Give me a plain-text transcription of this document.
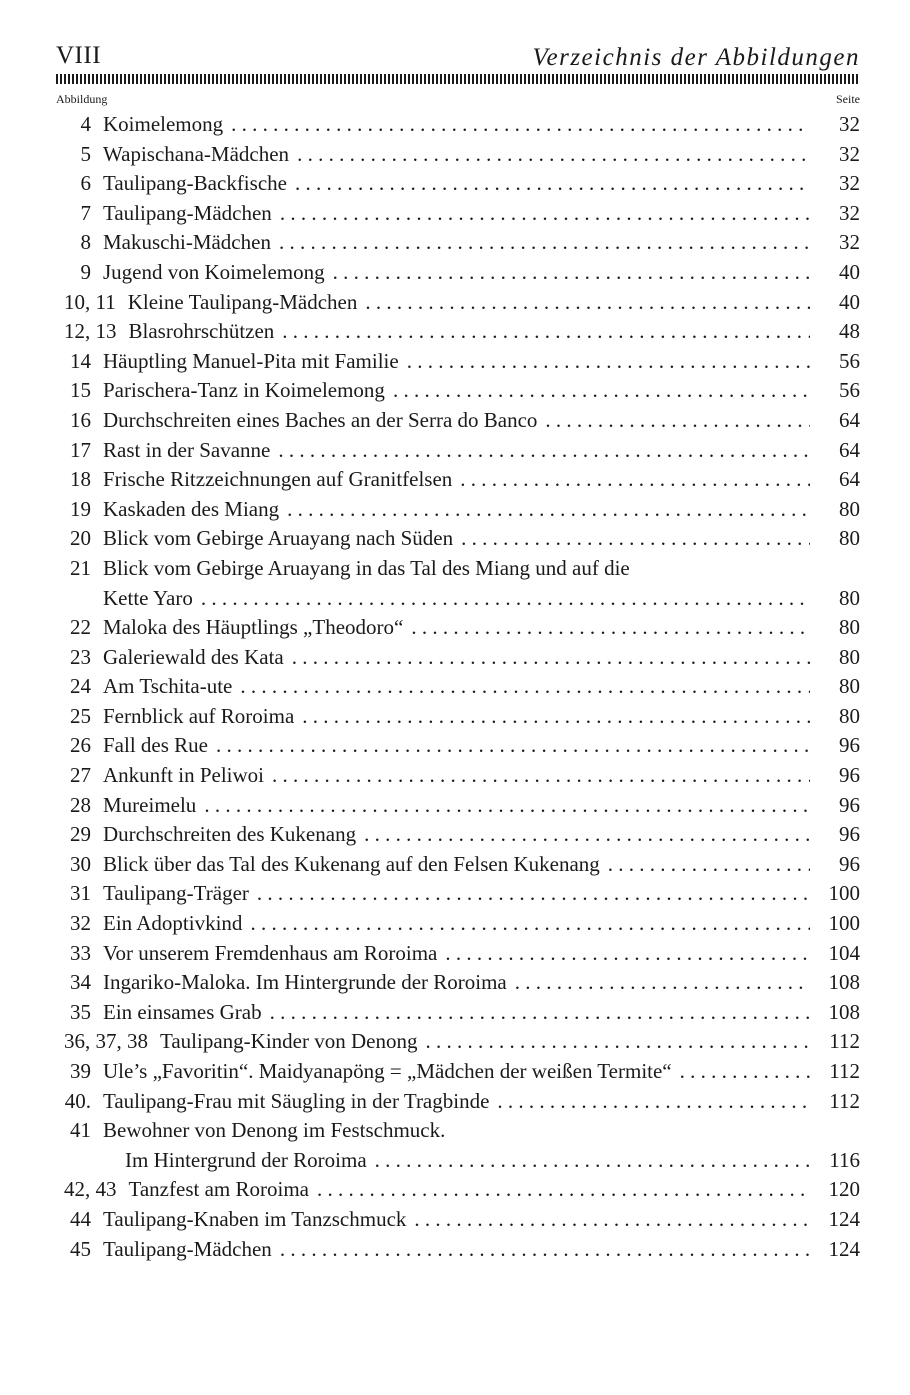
VIII	Verzeichnis der Abbildungen
Abbildung	Seite
4 Koimelemong . . .	32
5 Wapischana-Mädchen . . .	32
6 Taulipang-Backfische . . .	32
7 Taulipang-Mädchen . . .	32
8 Makuschi-Mädchen . . .	32
9 Jugend von Koimelemong . . .	40
10, 11 Kleine Taulipang-Mädchen . . .	40
12, 13 Blasrohrschützen . . .	48
14 Häuptling Manuel-Pita mit Familie . . .	56
15 Parischera-Tanz in Koimelemong . . .	56
16 Durchschreiten eines Baches an der Serra do Banco . . .	64
17 Rast in der Savanne . . .	64
18 Frische Ritzzeichnungen auf Granitfelsen . . .	64
19 Kaskaden des Miang . . .	80
20 Blick vom Gebirge Aruayang nach Süden . . .	80
21 Blick vom Gebirge Aruayang in das Tal des Miang und auf die
Kette Yaro . . .	80
22 Maloka des Häuptlings „Theodoro“ . . .	80
23 Galeriewald des Kata . . .	80
24 Am Tschita-ute . . .	80
25 Fernblick auf Roroima . . .	80
26 Fall des Rue . . .	96
27 Ankunft in Peliwoi . . .	96
28 Mureimelu . . .	96
29 Durchschreiten des Kukenang . . .	96
30 Blick über das Tal des Kukenang auf den Felsen Kukenang . . .	96
31 Taulipang-Träger . . .	100
32 Ein Adoptivkind . . .	100
33 Vor unserem Fremdenhaus am Roroima . . .	104
34 Ingariko-Maloka. Im Hintergrunde der Roroima . . .	108
35 Ein einsames Grab . . .	108
36, 37, 38 Taulipang-Kinder von Denong . . .	112
39 Ule’s „Favoritin“. Maidyanapöng = „Mädchen der weißen Termite“ . . .	112
40. Taulipang-Frau mit Säugling in der Tragbinde . . .	112
41 Bewohner von Denong im Festschmuck.
Im Hintergrund der Roroima . . .	116
42, 43 Tanzfest am Roroima . . .	120
44 Taulipang-Knaben im Tanzschmuck . . .	124
45 Taulipang-Mädchen . . .	124
